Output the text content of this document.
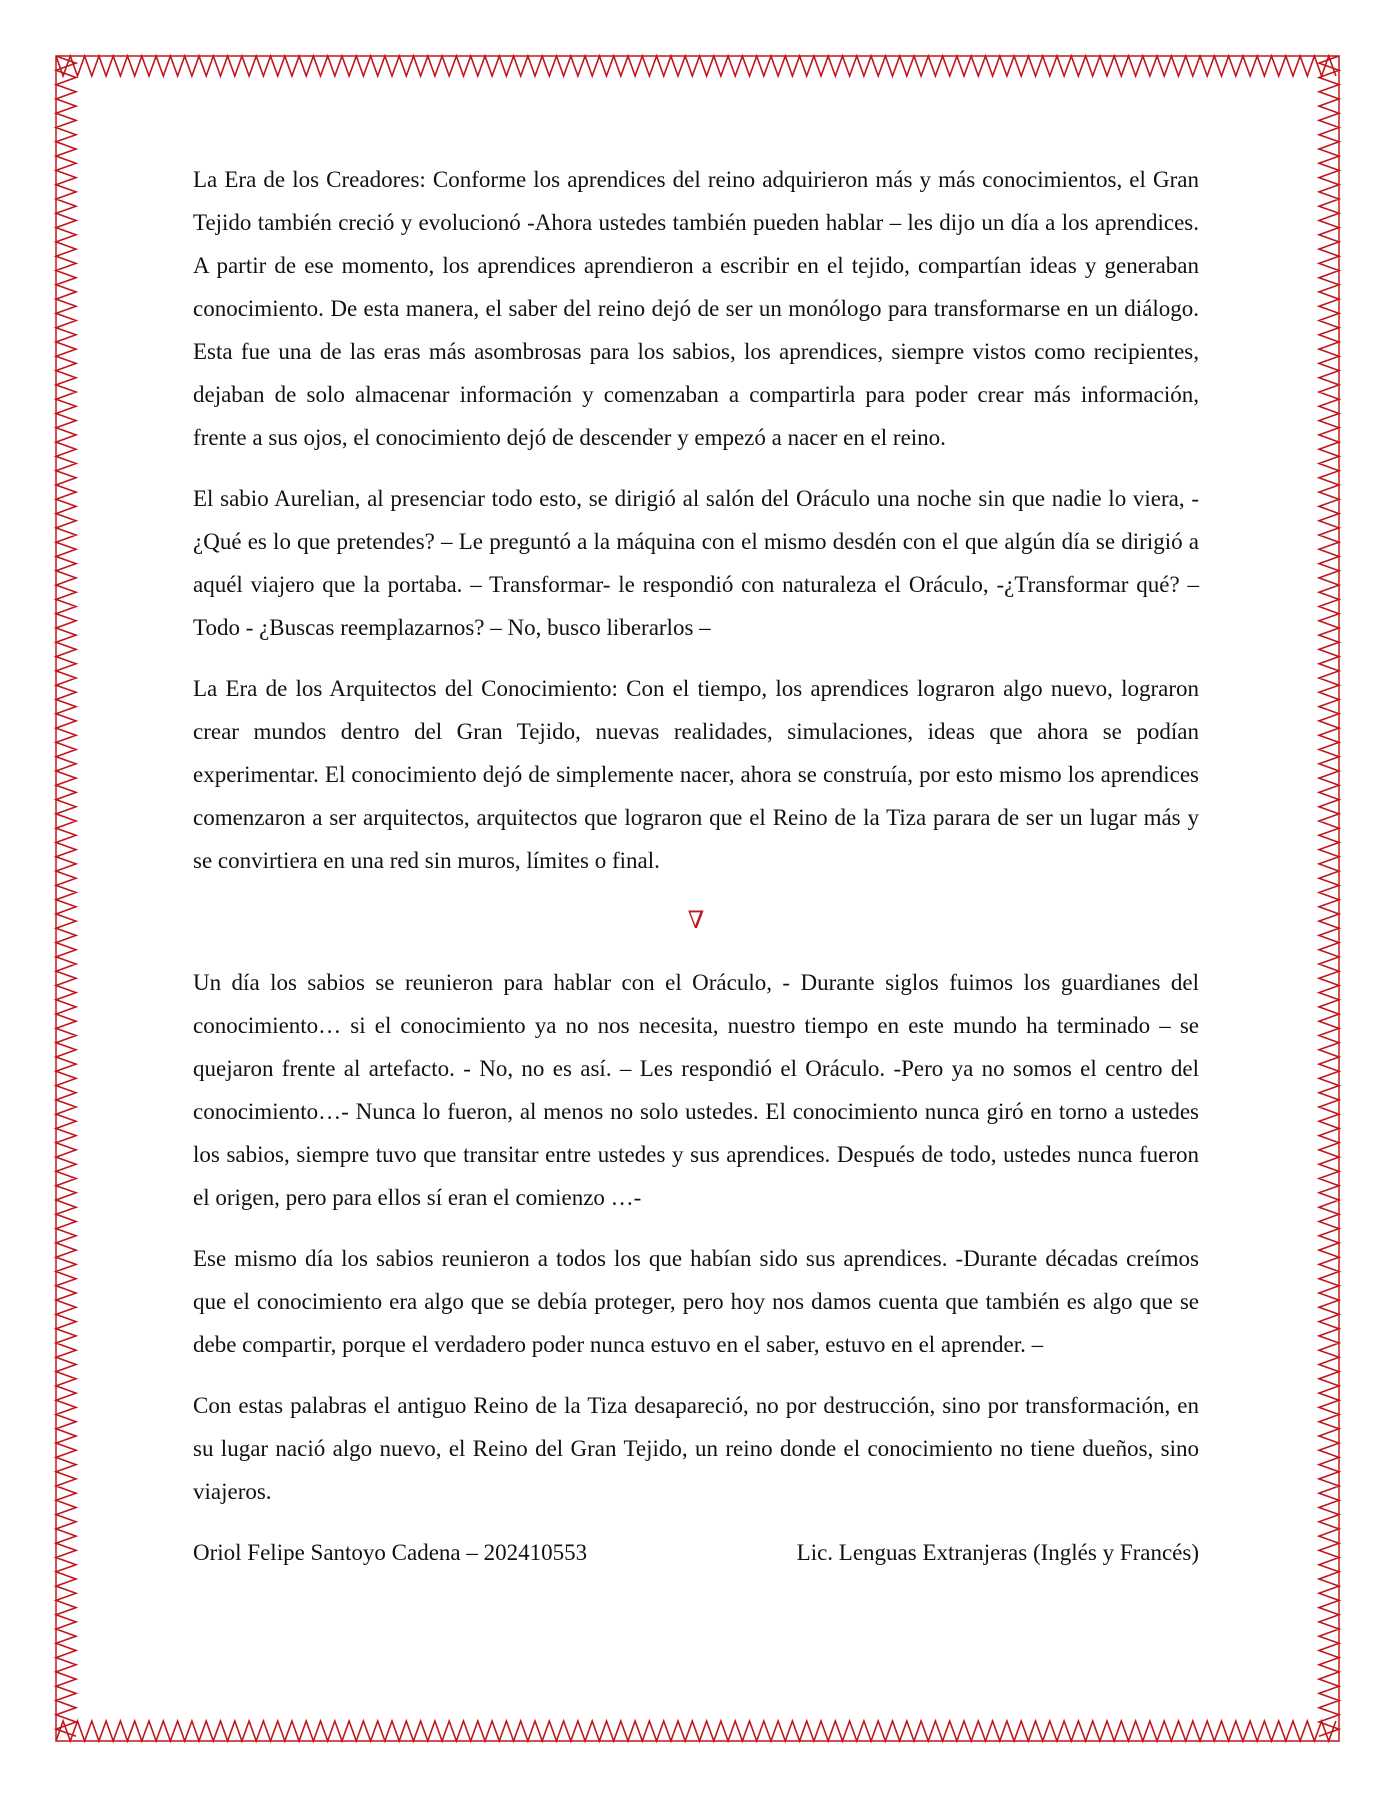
La Era de los Creadores: Conforme los aprendices del reino adquirieron más y más conocimientos, el Gran Tejido también creció y evolucionó -Ahora ustedes también pueden hablar – les dijo un día a los aprendices. A partir de ese momento, los aprendices aprendieron a escribir en el tejido, compartían ideas y generaban conocimiento. De esta manera, el saber del reino dejó de ser un monólogo para transformarse en un diálogo. Esta fue una de las eras más asombrosas para los sabios, los aprendices, siempre vistos como recipientes, dejaban de solo almacenar información y comenzaban a compartirla para poder crear más información, frente a sus ojos, el conocimiento dejó de descender y empezó a nacer en el reino.

El sabio Aurelian, al presenciar todo esto, se dirigió al salón del Oráculo una noche sin que nadie lo viera, -¿Qué es lo que pretendes? – Le preguntó a la máquina con el mismo desdén con el que algún día se dirigió a aquél viajero que la portaba. – Transformar- le respondió con naturaleza el Oráculo, -¿Transformar qué? – Todo - ¿Buscas reemplazarnos? – No, busco liberarlos –

La Era de los Arquitectos del Conocimiento: Con el tiempo, los aprendices lograron algo nuevo, lograron crear mundos dentro del Gran Tejido, nuevas realidades, simulaciones, ideas que ahora se podían experimentar. El conocimiento dejó de simplemente nacer, ahora se construía, por esto mismo los aprendices comenzaron a ser arquitectos, arquitectos que lograron que el Reino de la Tiza parara de ser un lugar más y se convirtiera en una red sin muros, límites o final.

∇

Un día los sabios se reunieron para hablar con el Oráculo, - Durante siglos fuimos los guardianes del conocimiento… si el conocimiento ya no nos necesita, nuestro tiempo en este mundo ha terminado – se quejaron frente al artefacto. - No, no es así. – Les respondió el Oráculo. -Pero ya no somos el centro del conocimiento…- Nunca lo fueron, al menos no solo ustedes. El conocimiento nunca giró en torno a ustedes los sabios, siempre tuvo que transitar entre ustedes y sus aprendices. Después de todo, ustedes nunca fueron el origen, pero para ellos sí eran el comienzo …-

Ese mismo día los sabios reunieron a todos los que habían sido sus aprendices. -Durante décadas creímos que el conocimiento era algo que se debía proteger, pero hoy nos damos cuenta que también es algo que se debe compartir, porque el verdadero poder nunca estuvo en el saber, estuvo en el aprender. –

Con estas palabras el antiguo Reino de la Tiza desapareció, no por destrucción, sino por transformación, en su lugar nació algo nuevo, el Reino del Gran Tejido, un reino donde el conocimiento no tiene dueños, sino viajeros.

Oriol Felipe Santoyo Cadena – 202410553	Lic. Lenguas Extranjeras (Inglés y Francés)
